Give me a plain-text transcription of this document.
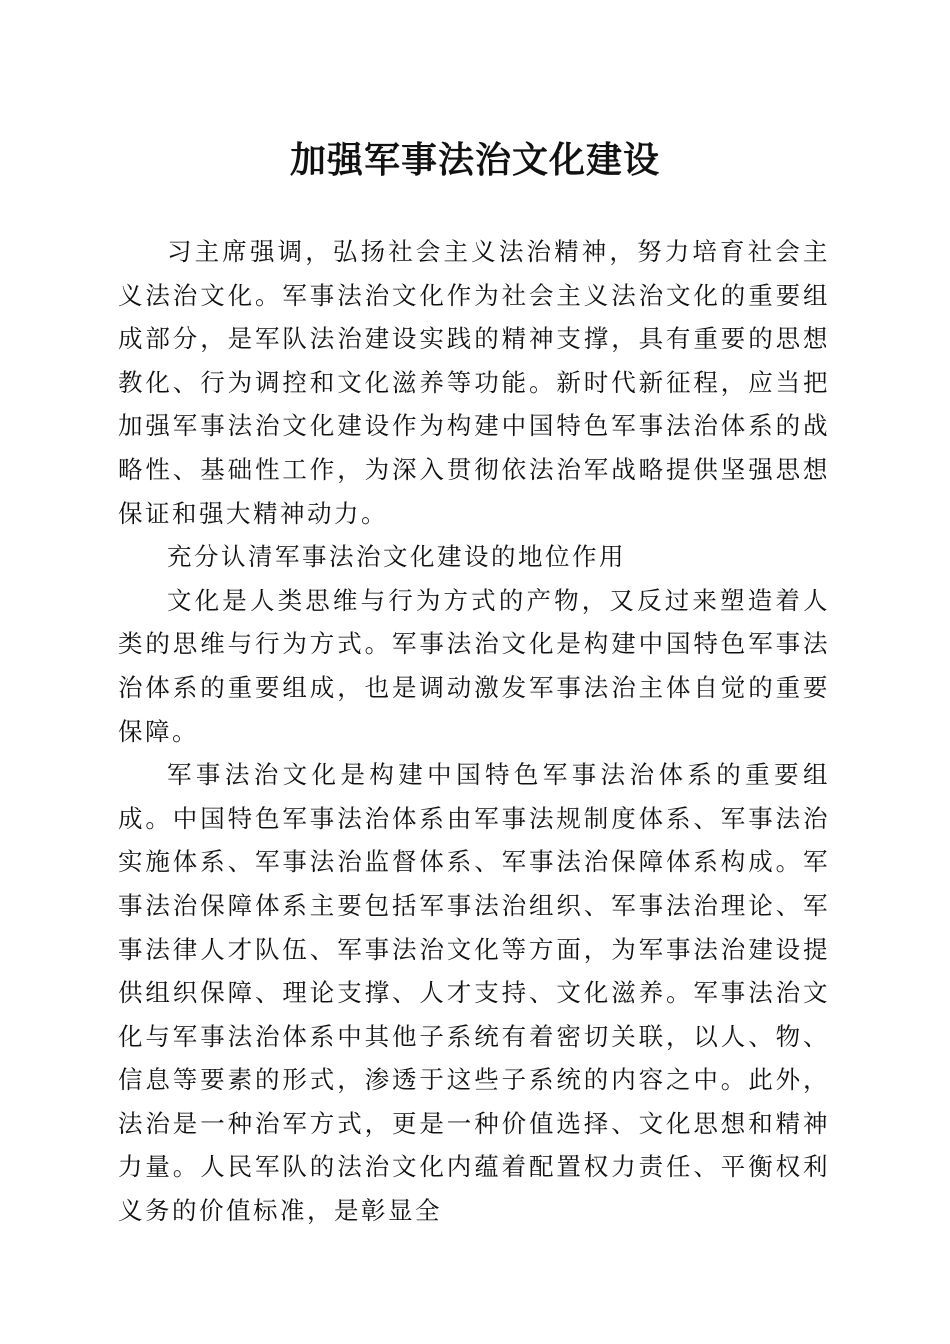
加强军事法治文化建设

习主席强调，弘扬社会主义法治精神，努力培育社会主义法治文化。军事法治文化作为社会主义法治文化的重要组成部分，是军队法治建设实践的精神支撑，具有重要的思想教化、行为调控和文化滋养等功能。新时代新征程，应当把加强军事法治文化建设作为构建中国特色军事法治体系的战略性、基础性工作，为深入贯彻依法治军战略提供坚强思想保证和强大精神动力。

充分认清军事法治文化建设的地位作用

文化是人类思维与行为方式的产物，又反过来塑造着人类的思维与行为方式。军事法治文化是构建中国特色军事法治体系的重要组成，也是调动激发军事法治主体自觉的重要保障。

军事法治文化是构建中国特色军事法治体系的重要组成。中国特色军事法治体系由军事法规制度体系、军事法治实施体系、军事法治监督体系、军事法治保障体系构成。军事法治保障体系主要包括军事法治组织、军事法治理论、军事法律人才队伍、军事法治文化等方面，为军事法治建设提供组织保障、理论支撑、人才支持、文化滋养。军事法治文化与军事法治体系中其他子系统有着密切关联，以人、物、信息等要素的形式，渗透于这些子系统的内容之中。此外，法治是一种治军方式，更是一种价值选择、文化思想和精神力量。人民军队的法治文化内蕴着配置权力责任、平衡权利义务的价值标准，是彰显全
